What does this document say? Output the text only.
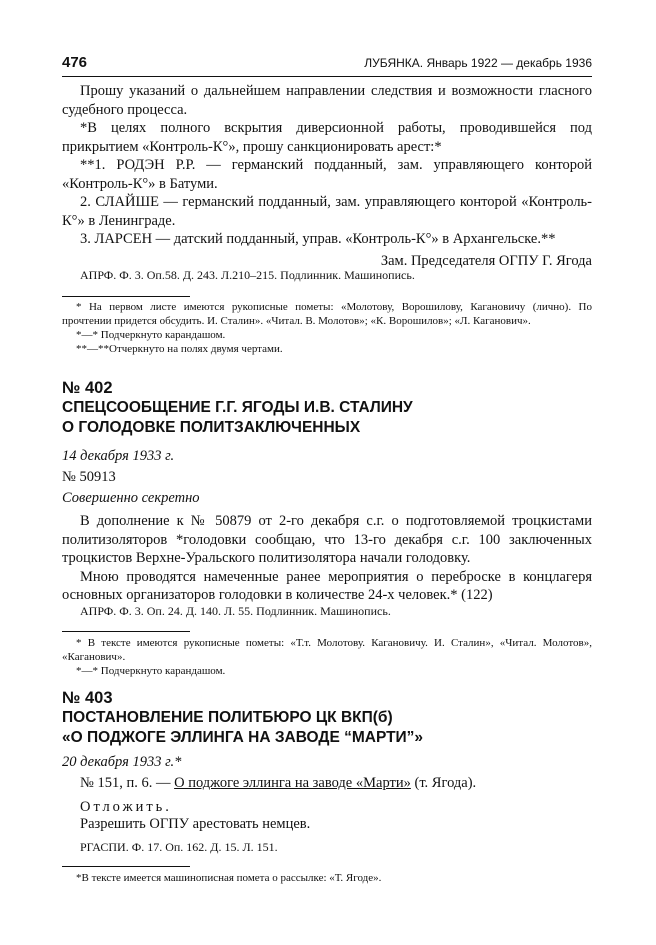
476	ЛУБЯНКА. Январь 1922 — декабрь 1936

Прошу указаний о дальнейшем направлении следствия и возможности гласного судебного процесса.

*В целях полного вскрытия диверсионной работы, проводившейся под прикрытием «Контроль-К°», прошу санкционировать арест:*

**1. РОДЭН Р.Р. — германский подданный, зам. управляющего конторой «Контроль-К°» в Батуми.

2. СЛАЙШЕ — германский подданный, зам. управляющего конторой «Контроль-К°» в Ленинграде.

3. ЛАРСЕН — датский подданный, управ. «Контроль-К°» в Архангельске.**

Зам. Председателя ОГПУ Г. Ягода

АПРФ. Ф. 3. Оп.58. Д. 243. Л.210–215. Подлинник. Машинопись.

* На первом листе имеются рукописные пометы: «Молотову, Ворошилову, Кагановичу (лично). По прочтении придется обсудить. И. Сталин». «Читал. В. Молотов»; «К. Ворошилов»; «Л. Каганович».

*—* Подчеркнуто карандашом.

**—**Отчеркнуто на полях двумя чертами.

№ 402
СПЕЦСООБЩЕНИЕ Г.Г. ЯГОДЫ И.В. СТАЛИНУ
О ГОЛОДОВКЕ ПОЛИТЗАКЛЮЧЕННЫХ
14 декабря 1933 г.
№ 50913
Совершенно секретно

В дополнение к № 50879 от 2-го декабря с.г. о подготовляемой троцкистами политизоляторов *голодовки сообщаю, что 13-го декабря с.г. 100 заключенных троцкистов Верхне-Уральского политизолятора начали голодовку.

Мною проводятся намеченные ранее мероприятия о переброске в концлагеря основных организаторов голодовки в количестве 24-х человек.* (122)

АПРФ. Ф. 3. Оп. 24. Д. 140. Л. 55. Подлинник. Машинопись.

* В тексте имеются рукописные пометы: «Т.т. Молотову. Кагановичу. И. Сталин», «Читал. Молотов», «Каганович».

*—* Подчеркнуто карандашом.

№ 403
ПОСТАНОВЛЕНИЕ ПОЛИТБЮРО ЦК ВКП(б)
«О ПОДЖОГЕ ЭЛЛИНГА НА ЗАВОДЕ “МАРТИ”»
20 декабря 1933 г.*
№ 151, п. 6. — О поджоге эллинга на заводе «Марти» (т. Ягода).
Отложить.
Разрешить ОГПУ арестовать немцев.
РГАСПИ. Ф. 17. Оп. 162. Д. 15. Л. 151.

*В тексте имеется машинописная помета о рассылке: «Т. Ягоде».
